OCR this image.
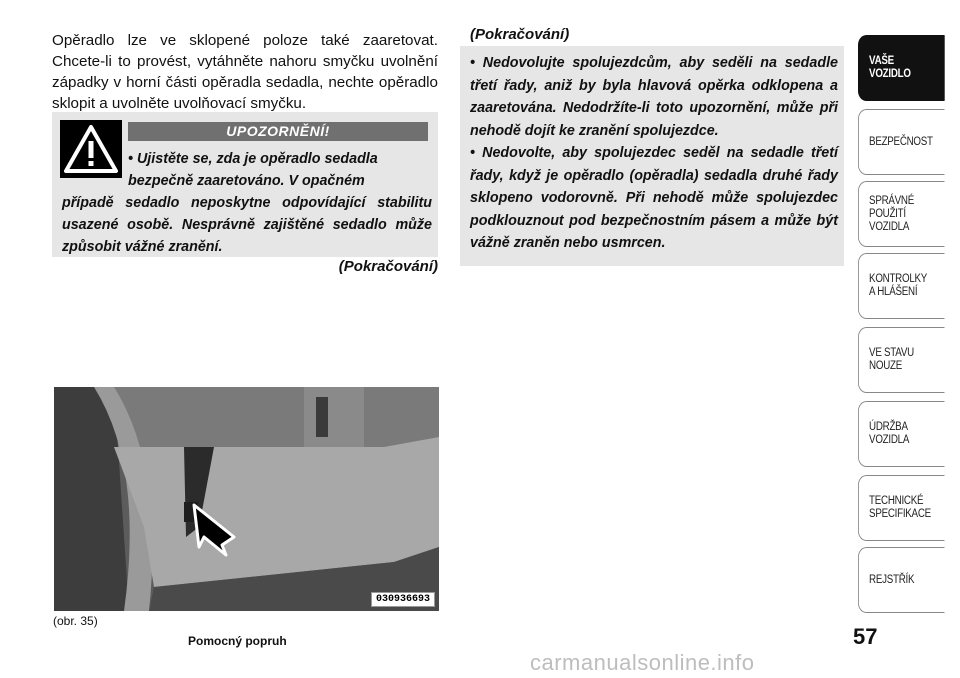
Opěradlo lze ve sklopené poloze také zaaretovat. Chcete-li to provést, vytáhněte nahoru smyčku uvolnění západky v horní části opěradla sedadla, nechte opěradlo sklopit a uvolněte uvolňovací smyčku.
UPOZORNĚNÍ!
• Ujistěte se, zda je opěradlo sedadla
bezpečně zaaretováno. V opačném
případě sedadlo neposkytne odpovídající stabilitu usazené osobě. Nesprávně zajištěné sedadlo může způsobit vážné zranění.
(Pokračování)
(Pokračování)
• Nedovolujte spolujezdcům, aby seděli na sedadle třetí řady, aniž by byla hlavová opěrka odklopena a zaaretována. Nedodržíte-li toto upozornění, může při nehodě dojít ke zranění spolujezdce.
• Nedovolte, aby spolujezdec seděl na sedadle třetí řady, když je opěradlo (opěradla) sedadla druhé řady sklopeno vodorovně. Při nehodě může spolujezdec podklouznout pod bezpečnostním pásem a může být vážně zraněn nebo usmrcen.
030936693
(obr. 35)
Pomocný popruh	57
VAŠE
VOZIDLO
BEZPEČNOST
SPRÁVNÉ
POUŽITÍ
VOZIDLA
KONTROLKY
A HLÁŠENÍ
VE STAVU
NOUZE
ÚDRŽBA
VOZIDLA
TECHNICKÉ
SPECIFIKACE
REJSTŘÍK
carmanualsonline.info
